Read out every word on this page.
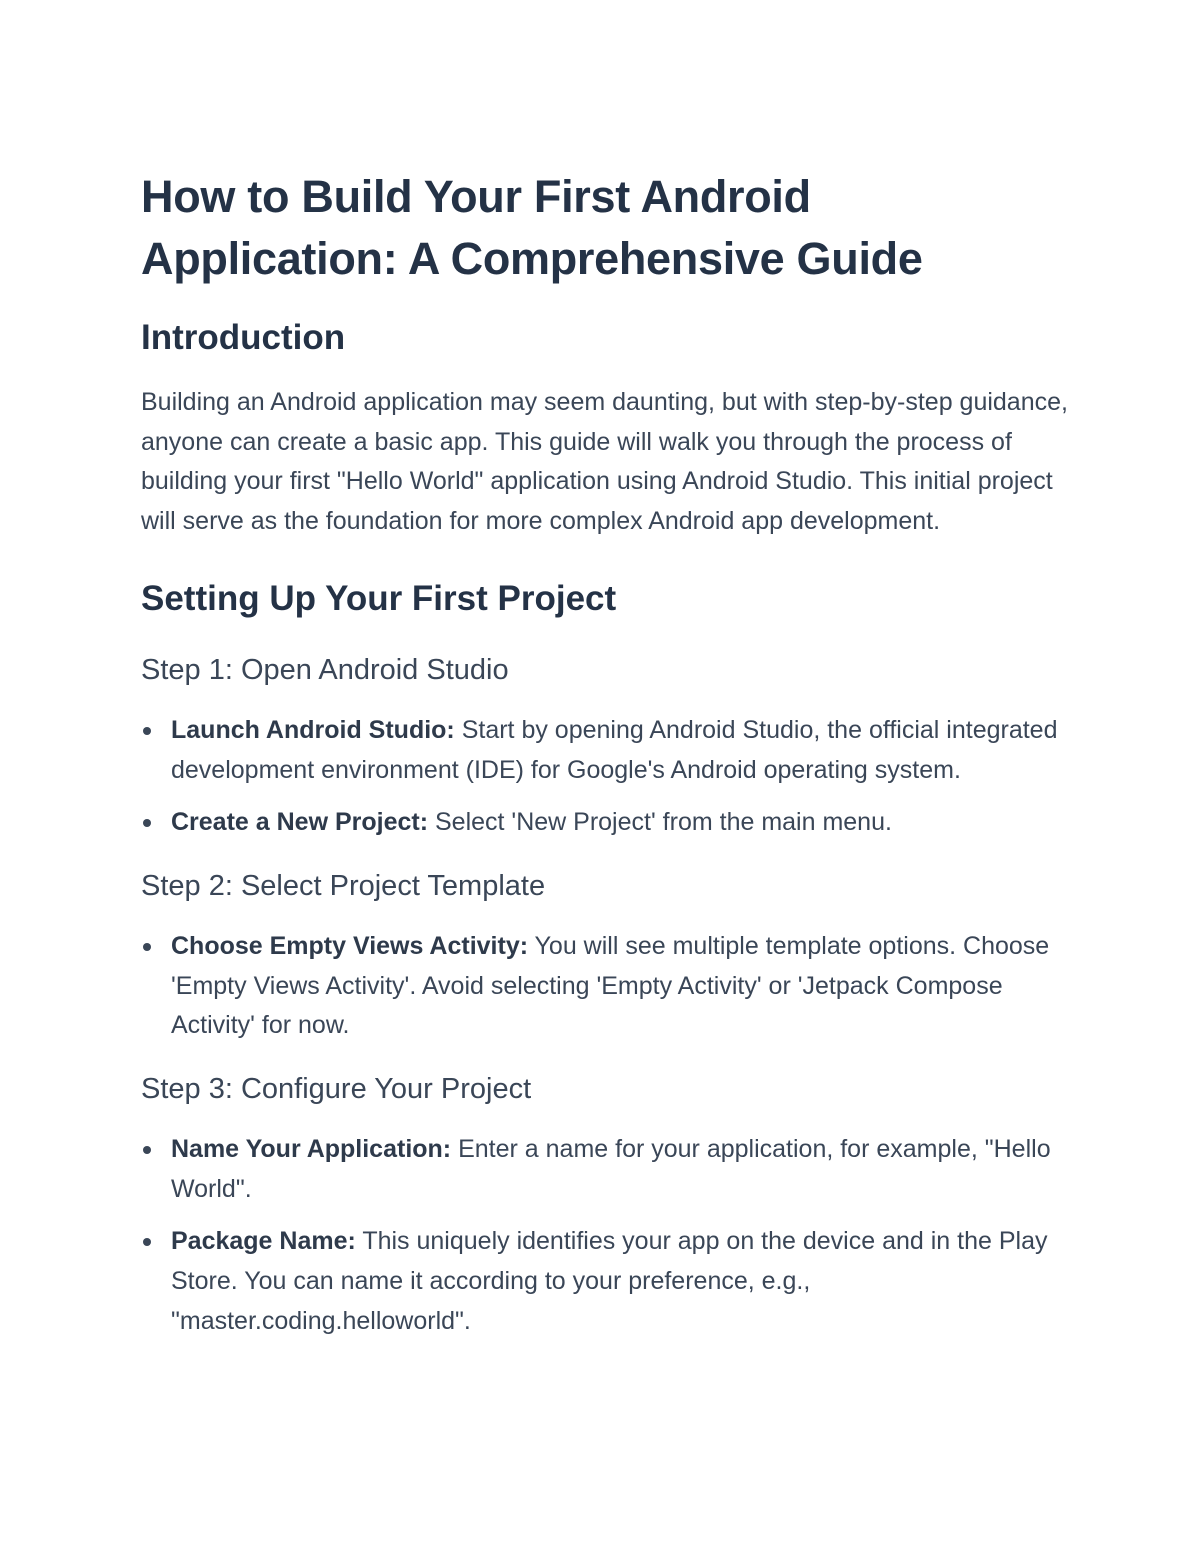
How to Build Your First Android Application: A Comprehensive Guide
Introduction

Building an Android application may seem daunting, but with step-by-step guidance, anyone can create a basic app. This guide will walk you through the process of building your first "Hello World" application using Android Studio. This initial project will serve as the foundation for more complex Android app development.

Setting Up Your First Project
Step 1: Open Android Studio
Launch Android Studio: Start by opening Android Studio, the official integrated development environment (IDE) for Google's Android operating system.
Create a New Project: Select 'New Project' from the main menu.
Step 2: Select Project Template
Choose Empty Views Activity: You will see multiple template options. Choose 'Empty Views Activity'. Avoid selecting 'Empty Activity' or 'Jetpack Compose Activity' for now.
Step 3: Configure Your Project
Name Your Application: Enter a name for your application, for example, "Hello World".
Package Name: This uniquely identifies your app on the device and in the Play Store. You can name it according to your preference, e.g., "master.coding.helloworld".
